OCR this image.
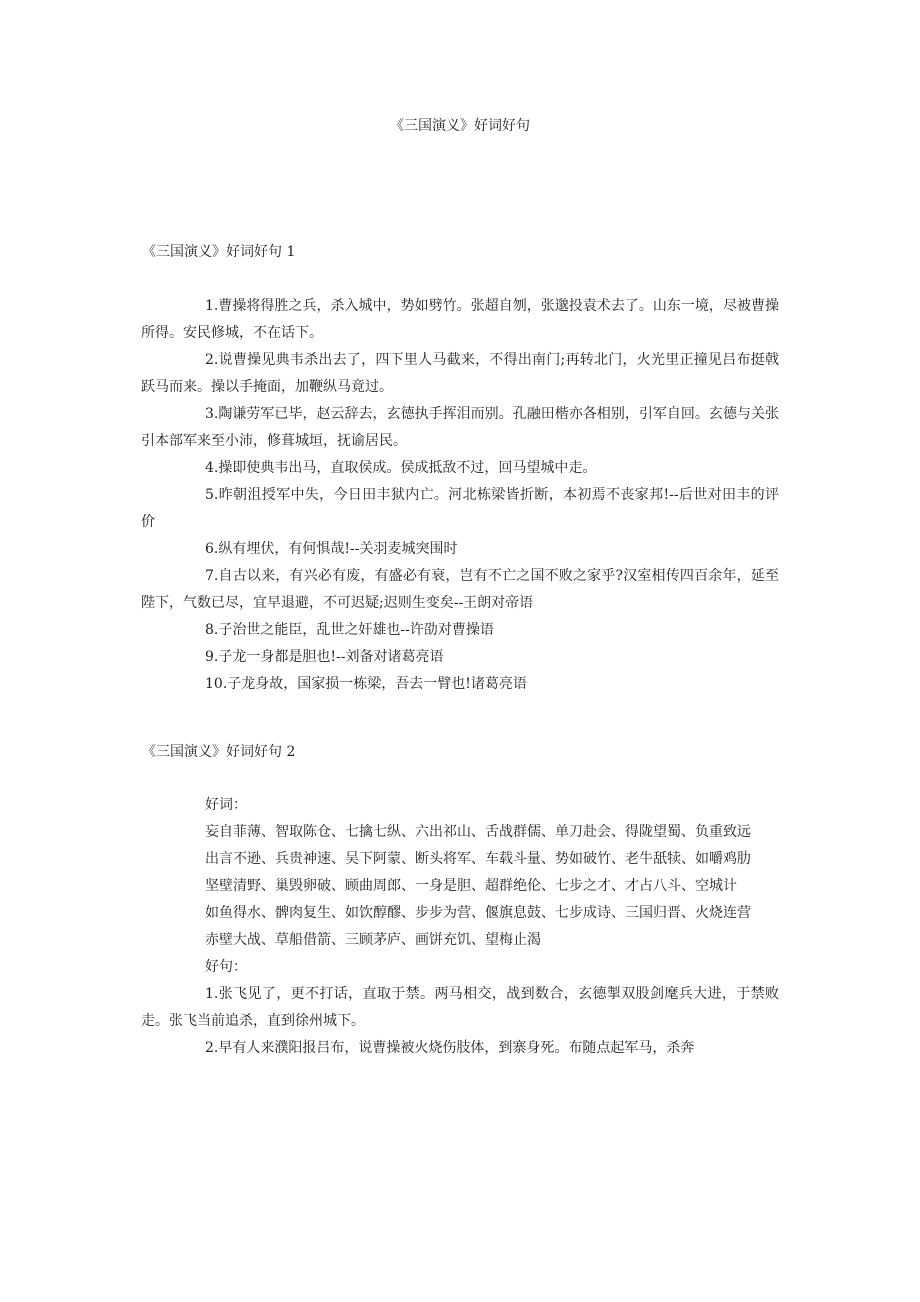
《三国演义》好词好句
《三国演义》好词好句 1

1.曹操将得胜之兵，杀入城中，势如劈竹。张超自刎，张邈投袁术去了。山东一境，尽被曹操所得。安民修城，不在话下。

2.说曹操见典韦杀出去了，四下里人马截来，不得出南门;再转北门，火光里正撞见吕布挺戟跃马而来。操以手掩面，加鞭纵马竟过。

3.陶谦劳军已毕，赵云辞去，玄德执手挥泪而别。孔融田楷亦各相别，引军自回。玄德与关张引本部军来至小沛，修葺城垣，抚谕居民。

4.操即使典韦出马，直取侯成。侯成抵敌不过，回马望城中走。

5.昨朝沮授军中失，今日田丰狱内亡。河北栋梁皆折断，本初焉不丧家邦!--后世对田丰的评价

6.纵有埋伏，有何惧哉!--关羽麦城突围时

7.自古以来，有兴必有废，有盛必有衰，岂有不亡之国不败之家乎?汉室相传四百余年，延至陛下，气数已尽，宜早退避，不可迟疑;迟则生变矣--王朗对帝语

8.子治世之能臣，乱世之奸雄也--许劭对曹操语

9.子龙一身都是胆也!--刘备对诸葛亮语

10.子龙身故，国家损一栋梁，吾去一臂也!诸葛亮语

《三国演义》好词好句 2

好词：

妄自菲薄、智取陈仓、七擒七纵、六出祁山、舌战群儒、单刀赴会、得陇望蜀、负重致远

出言不逊、兵贵神速、吴下阿蒙、断头将军、车载斗量、势如破竹、老牛舐犊、如嚼鸡肋

坚壁清野、巢毁卵破、顾曲周郎、一身是胆、超群绝伦、七步之才、才占八斗、空城计

如鱼得水、髀肉复生、如饮醇醪、步步为营、偃旗息鼓、七步成诗、三国归晋、火烧连营

赤壁大战、草船借箭、三顾茅庐、画饼充饥、望梅止渴

好句：

1.张飞见了，更不打话，直取于禁。两马相交，战到数合，玄德掣双股剑麾兵大进，于禁败走。张飞当前追杀，直到徐州城下。

2.早有人来濮阳报吕布，说曹操被火烧伤肢体，到寨身死。布随点起军马，杀奔
